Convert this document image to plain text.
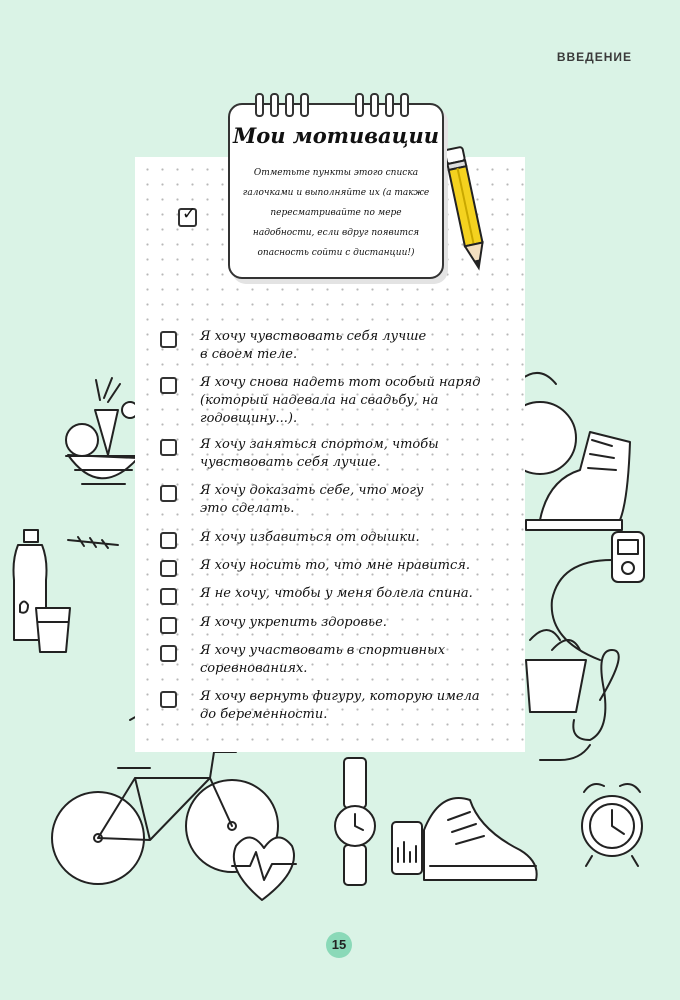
ВВЕДЕНИЕ
Мои мотивации
Отметьте пункты этого списка галочками и выполняйте их (а также пересматривайте по мере надобности, если вдруг появится опасность сойти с дистанции!)
✓
Я хочу чувствовать себя лучше
в своем теле.
Я хочу снова надеть тот особый наряд
(который надевала на свадьбу, на
годовщину...).
Я хочу заняться спортом, чтобы
чувствовать себя лучше.
Я хочу доказать себе, что могу
это сделать.
Я хочу избавиться от одышки.
Я хочу носить то, что мне нравится.
Я не хочу, чтобы у меня болела спина.
Я хочу укрепить здоровье.
Я хочу участвовать в спортивных
соревнованиях.
Я хочу вернуть фигуру, которую имела
до беременности.
15
